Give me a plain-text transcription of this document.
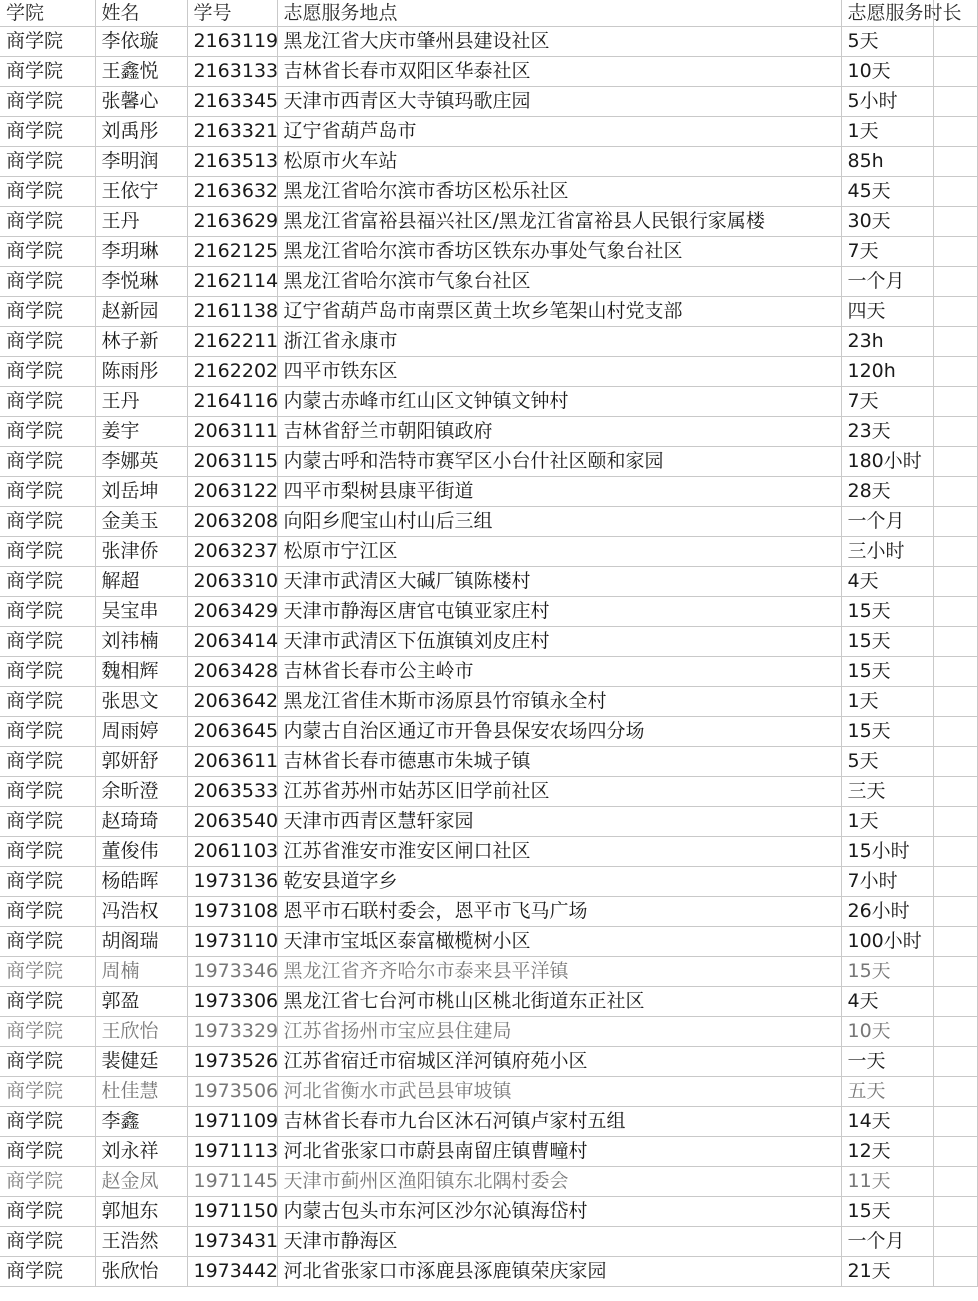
学院	姓名	学号	志愿服务地点	志愿服务时长	
商学院	李依璇	2163119	黑龙江省大庆市肇州县建设社区	5天	
商学院	王鑫悦	2163133	吉林省长春市双阳区华泰社区	10天	
商学院	张馨心	2163345	天津市西青区大寺镇玛歌庄园	5小时	
商学院	刘禹彤	2163321	辽宁省葫芦岛市	1天	
商学院	李明润	2163513	松原市火车站	85h	
商学院	王依宁	2163632	黑龙江省哈尔滨市香坊区松乐社区	45天	
商学院	王丹	2163629	黑龙江省富裕县福兴社区/黑龙江省富裕县人民银行家属楼	30天	
商学院	李玥琳	2162125	黑龙江省哈尔滨市香坊区铁东办事处气象台社区	7天	
商学院	李悦琳	2162114	黑龙江省哈尔滨市气象台社区	一个月	
商学院	赵新园	2161138	辽宁省葫芦岛市南票区黄土坎乡笔架山村党支部	四天	
商学院	林子新	2162211	浙江省永康市	23h	
商学院	陈雨彤	2162202	四平市铁东区	120h	
商学院	王丹	2164116	内蒙古赤峰市红山区文钟镇文钟村	7天	
商学院	姜宇	2063111	吉林省舒兰市朝阳镇政府	23天	
商学院	李娜英	2063115	内蒙古呼和浩特市赛罕区小台什社区颐和家园	180小时	
商学院	刘岳坤	2063122	四平市梨树县康平街道	28天	
商学院	金美玉	2063208	向阳乡爬宝山村山后三组	一个月	
商学院	张津侨	2063237	松原市宁江区	三小时	
商学院	解超	2063310	天津市武清区大碱厂镇陈楼村	4天	
商学院	吴宝串	2063429	天津市静海区唐官屯镇亚家庄村	15天	
商学院	刘祎楠	2063414	天津市武清区下伍旗镇刘皮庄村	15天	
商学院	魏相辉	2063428	吉林省长春市公主岭市	15天	
商学院	张思文	2063642	黑龙江省佳木斯市汤原县竹帘镇永全村	1天	
商学院	周雨婷	2063645	内蒙古自治区通辽市开鲁县保安农场四分场	15天	
商学院	郭妍舒	2063611	吉林省长春市德惠市朱城子镇	5天	
商学院	余昕澄	2063533	江苏省苏州市姑苏区旧学前社区	三天	
商学院	赵琦琦	2063540	天津市西青区慧轩家园	1天	
商学院	董俊伟	2061103	江苏省淮安市淮安区闸口社区	15小时	
商学院	杨皓晖	1973136	乾安县道字乡	7小时	
商学院	冯浩权	1973108	恩平市石联村委会，恩平市飞马广场	26小时	
商学院	胡阁瑞	1973110	天津市宝坻区泰富橄榄树小区	100小时	
商学院	周楠	1973346	黑龙江省齐齐哈尔市泰来县平洋镇	15天	
商学院	郭盈	1973306	黑龙江省七台河市桃山区桃北街道东正社区	4天	
商学院	王欣怡	1973329	江苏省扬州市宝应县住建局	10天	
商学院	裴健廷	1973526	江苏省宿迁市宿城区洋河镇府苑小区	一天	
商学院	杜佳慧	1973506	河北省衡水市武邑县审坡镇	五天	
商学院	李鑫	1971109	吉林省长春市九台区沐石河镇卢家村五组	14天	
商学院	刘永祥	1971113	河北省张家口市蔚县南留庄镇曹疃村	12天	
商学院	赵金凤	1971145	天津市蓟州区渔阳镇东北隅村委会	11天	
商学院	郭旭东	1971150	内蒙古包头市东河区沙尔沁镇海岱村	15天	
商学院	王浩然	1973431	天津市静海区	一个月	
商学院	张欣怡	1973442	河北省张家口市涿鹿县涿鹿镇荣庆家园	21天	
